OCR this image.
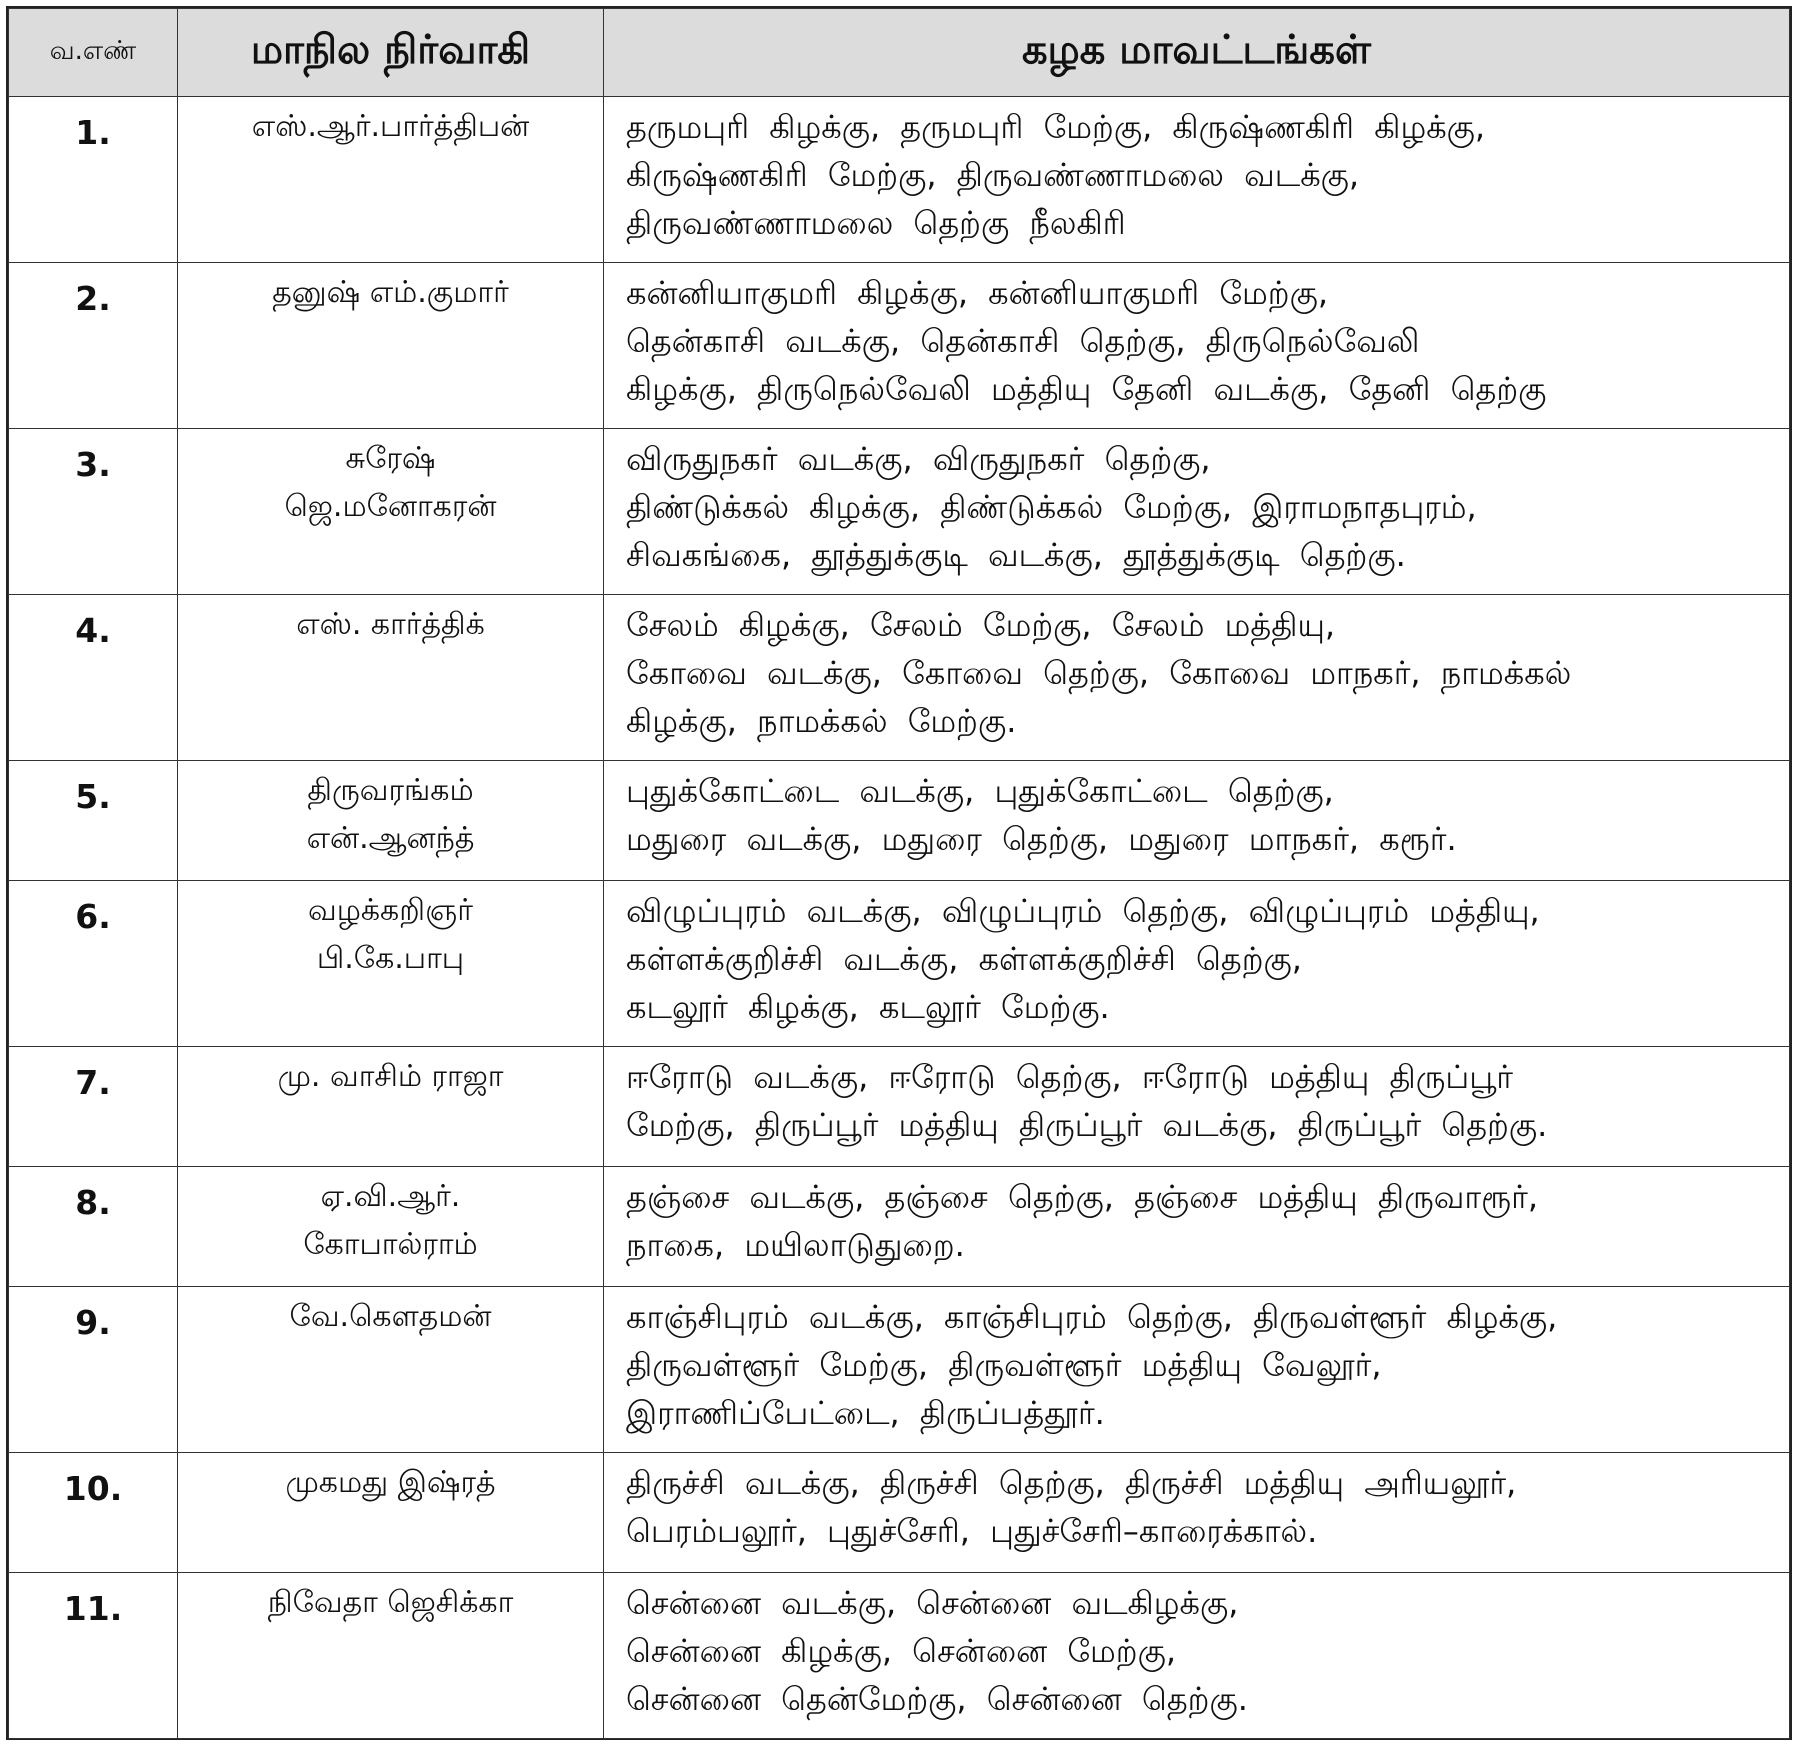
வ.எண்	மாநில நிர்வாகி	கழக மாவட்டங்கள்
1.	எஸ்.ஆர்.பார்த்திபன்	தருமபுரி கிழக்கு, தருமபுரி மேற்கு, கிருஷ்ணகிரி கிழக்கு,
கிருஷ்ணகிரி மேற்கு, திருவண்ணாமலை வடக்கு,
திருவண்ணாமலை தெற்கு நீலகிரி
2.	தனுஷ் எம்.குமார்	கன்னியாகுமரி கிழக்கு, கன்னியாகுமரி மேற்கு,
தென்காசி வடக்கு, தென்காசி தெற்கு, திருநெல்வேலி
கிழக்கு, திருநெல்வேலி மத்தியு தேனி வடக்கு, தேனி தெற்கு
3.	சுரேஷ்
ஜெ.மனோகரன்	விருதுநகர் வடக்கு, விருதுநகர் தெற்கு,
திண்டுக்கல் கிழக்கு, திண்டுக்கல் மேற்கு, இராமநாதபுரம்,
சிவகங்கை, தூத்துக்குடி வடக்கு, தூத்துக்குடி தெற்கு.
4.	எஸ். கார்த்திக்	சேலம் கிழக்கு, சேலம் மேற்கு, சேலம் மத்தியு,
கோவை வடக்கு, கோவை தெற்கு, கோவை மாநகர், நாமக்கல்
கிழக்கு, நாமக்கல் மேற்கு.
5.	திருவரங்கம்
என்.ஆனந்த்	புதுக்கோட்டை வடக்கு, புதுக்கோட்டை தெற்கு,
மதுரை வடக்கு, மதுரை தெற்கு, மதுரை மாநகர், கரூர்.
6.	வழக்கறிஞர்
பி.கே.பாபு	விழுப்புரம் வடக்கு, விழுப்புரம் தெற்கு, விழுப்புரம் மத்தியு,
கள்ளக்குறிச்சி வடக்கு, கள்ளக்குறிச்சி தெற்கு,
கடலூர் கிழக்கு, கடலூர் மேற்கு.
7.	மு. வாசிம் ராஜா	ஈரோடு வடக்கு, ஈரோடு தெற்கு, ஈரோடு மத்தியு திருப்பூர்
மேற்கு, திருப்பூர் மத்தியு திருப்பூர் வடக்கு, திருப்பூர் தெற்கு.
8.	ஏ.வி.ஆர்.
கோபால்ராம்	தஞ்சை வடக்கு, தஞ்சை தெற்கு, தஞ்சை மத்தியு திருவாரூர்,
நாகை, மயிலாடுதுறை.
9.	வே.கௌதமன்	காஞ்சிபுரம் வடக்கு, காஞ்சிபுரம் தெற்கு, திருவள்ளூர் கிழக்கு,
திருவள்ளூர் மேற்கு, திருவள்ளூர் மத்தியு வேலூர்,
இராணிப்பேட்டை, திருப்பத்தூர்.
10.	முகமது இஷ்ரத்	திருச்சி வடக்கு, திருச்சி தெற்கு, திருச்சி மத்தியு அரியலூர்,
பெரம்பலூர், புதுச்சேரி, புதுச்சேரி–காரைக்கால்.
11.	நிவேதா ஜெசிக்கா	சென்னை வடக்கு, சென்னை வடகிழக்கு,
சென்னை கிழக்கு, சென்னை மேற்கு,
சென்னை தென்மேற்கு, சென்னை தெற்கு.
